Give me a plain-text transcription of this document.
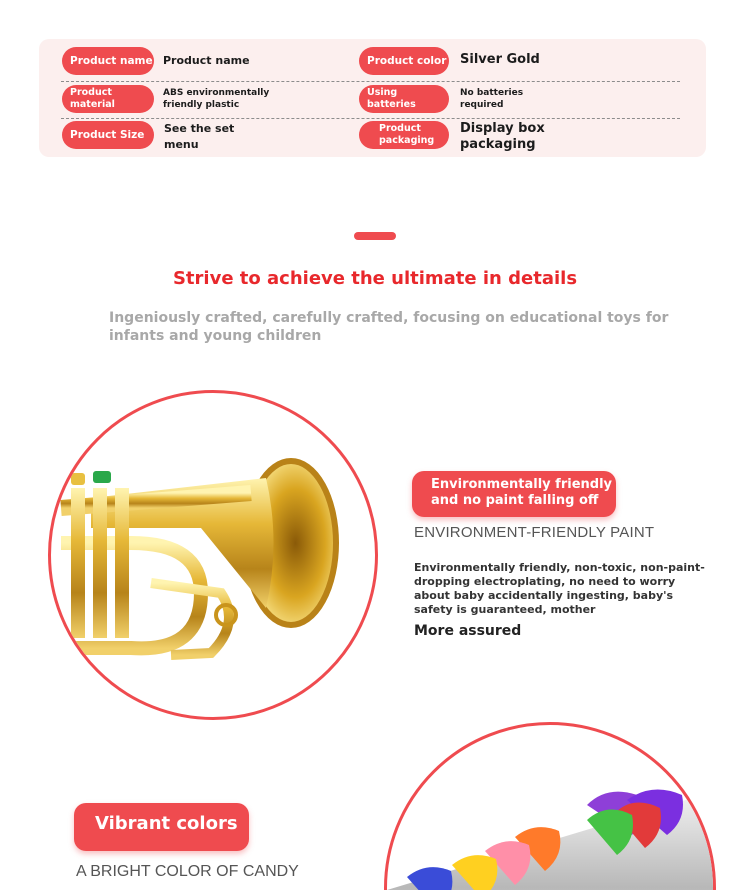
Product name Product name	Product color Silver Gold
Product material
ABS environmentally friendly plastic
Using batteries
No batteries required
Product Size See the set menu
Product packaging
Display box packaging
Strive to achieve the ultimate in details
Ingeniously crafted, carefully crafted, focusing on educational toys for infants and young children
Environmentally friendly and no paint falling off
ENVIRONMENT-FRIENDLY PAINT
Environmentally friendly, non-toxic, non-paint-dropping electroplating, no need to worry about baby accidentally ingesting, baby's safety is guaranteed, mother
More assured
Vibrant colors
A BRIGHT COLOR OF CANDY
